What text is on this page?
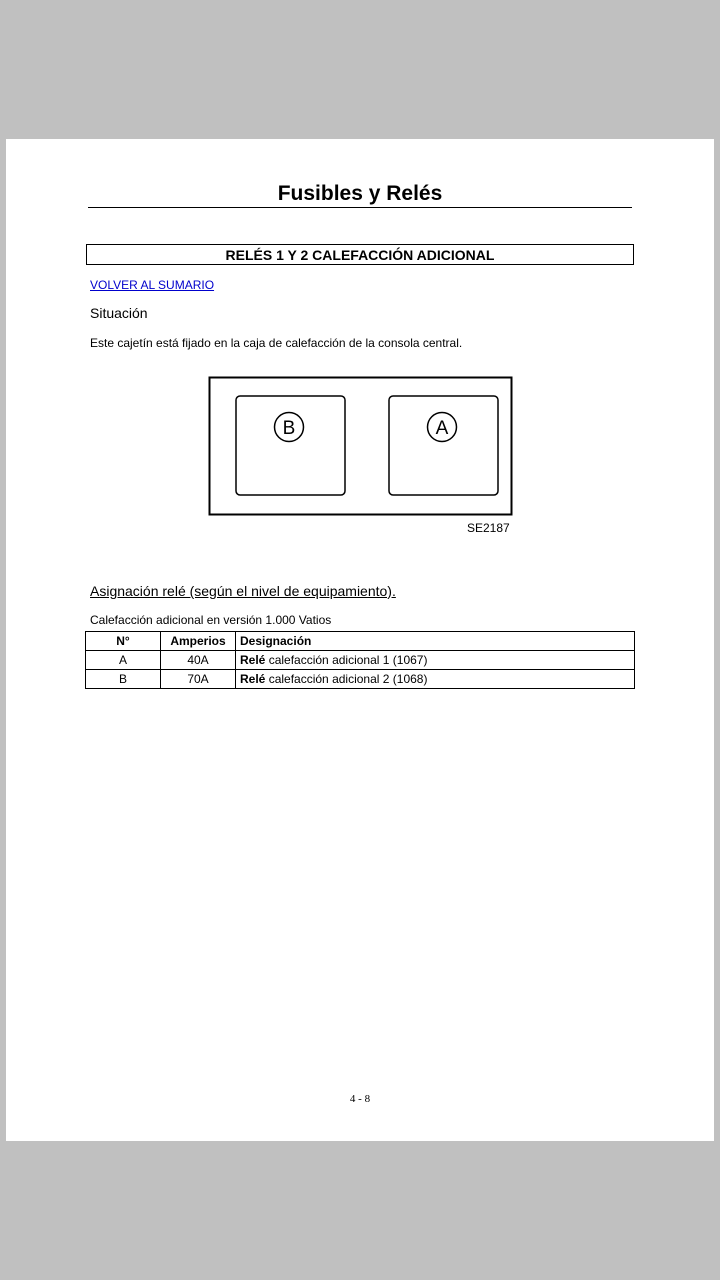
Fusibles y Relés
RELÉS 1 Y 2 CALEFACCIÓN ADICIONAL
VOLVER AL SUMARIO
Situación
Este cajetín está fijado en la caja de calefacción de la consola central.
B	A
SE2187
Asignación relé (según el nivel de equipamiento).
Calefacción adicional en versión 1.000 Vatios
N°	Amperios	Designación
A	40A	Relé calefacción adicional 1 (1067)
B	70A	Relé calefacción adicional 2 (1068)
4 - 8
